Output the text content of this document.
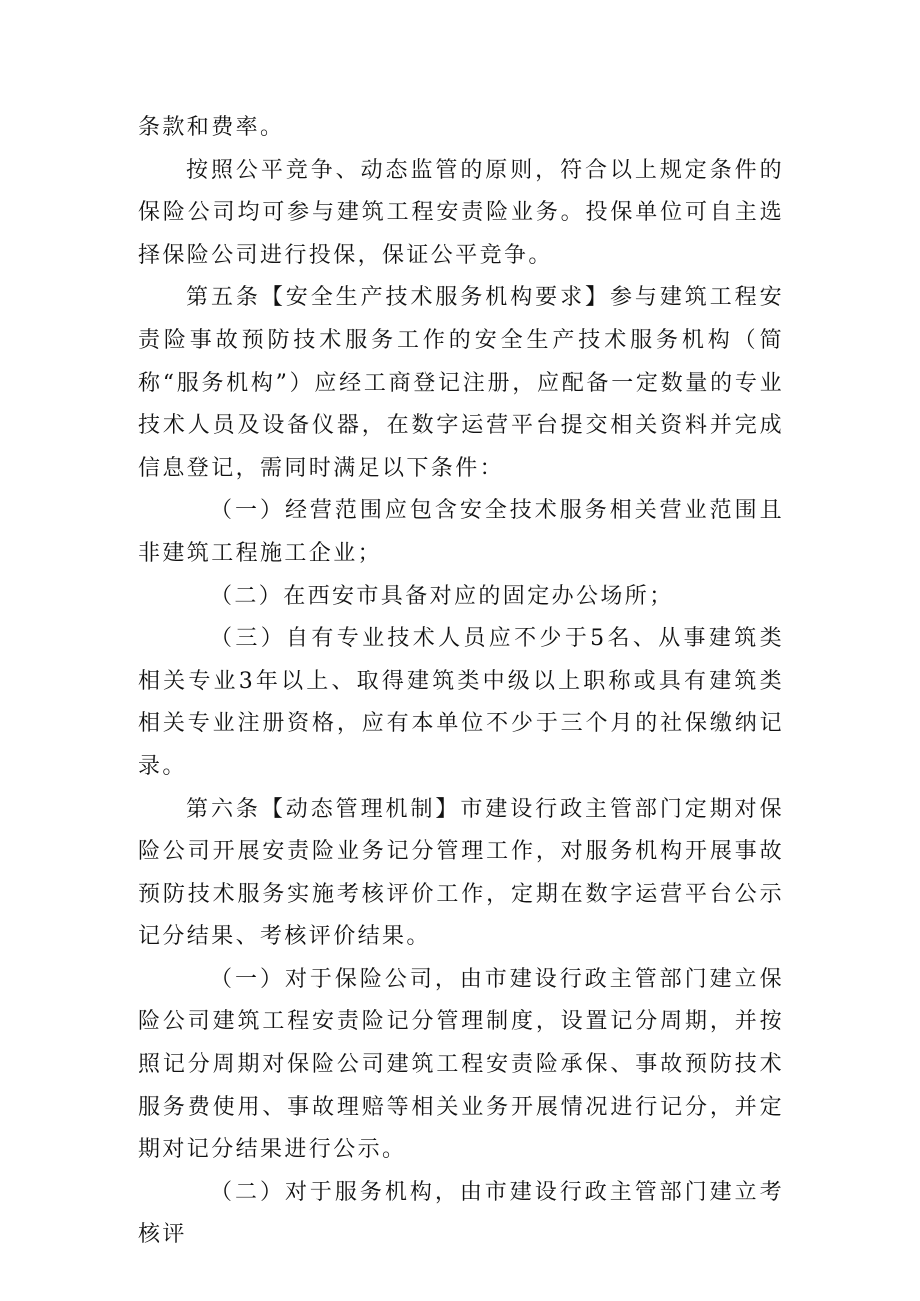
条款和费率。

按照公平竞争、动态监管的原则，符合以上规定条件的保险公司均可参与建筑工程安责险业务。投保单位可自主选择保险公司进行投保，保证公平竞争。

第五条【安全生产技术服务机构要求】参与建筑工程安责险事故预防技术服务工作的安全生产技术服务机构（简称“服务机构”）应经工商登记注册，应配备一定数量的专业技术人员及设备仪器，在数字运营平台提交相关资料并完成信息登记，需同时满足以下条件：

（一）经营范围应包含安全技术服务相关营业范围且非建筑工程施工企业；

（二）在西安市具备对应的固定办公场所；

（三）自有专业技术人员应不少于5名、从事建筑类相关专业3年以上、取得建筑类中级以上职称或具有建筑类相关专业注册资格，应有本单位不少于三个月的社保缴纳记录。

第六条【动态管理机制】市建设行政主管部门定期对保险公司开展安责险业务记分管理工作，对服务机构开展事故预防技术服务实施考核评价工作，定期在数字运营平台公示记分结果、考核评价结果。

（一）对于保险公司，由市建设行政主管部门建立保险公司建筑工程安责险记分管理制度，设置记分周期，并按照记分周期对保险公司建筑工程安责险承保、事故预防技术服务费使用、事故理赔等相关业务开展情况进行记分，并定期对记分结果进行公示。

（二）对于服务机构，由市建设行政主管部门建立考核评
